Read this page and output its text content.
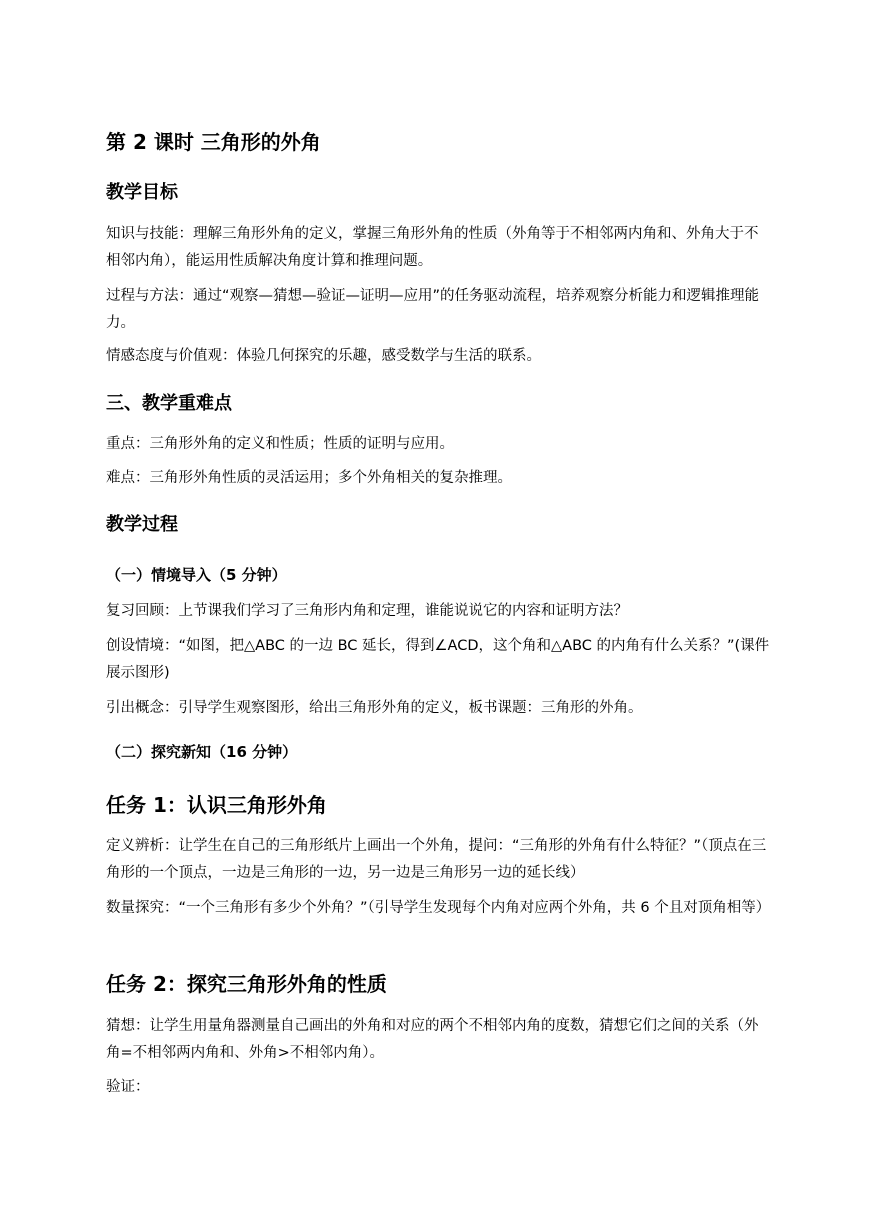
第 2 课时 三角形的外角
教学目标
知识与技能：理解三角形外角的定义，掌握三角形外角的性质（外角等于不相邻两内角和、外角大于不相邻内角），能运用性质解决角度计算和推理问题。
过程与方法：通过“观察—猜想—验证—证明—应用”的任务驱动流程，培养观察分析能力和逻辑推理能力。
情感态度与价值观：体验几何探究的乐趣，感受数学与生活的联系。
三、教学重难点
重点：三角形外角的定义和性质；性质的证明与应用。
难点：三角形外角性质的灵活运用；多个外角相关的复杂推理。
教学过程
（一）情境导入（5 分钟）
复习回顾：上节课我们学习了三角形内角和定理，谁能说说它的内容和证明方法？
创设情境：“如图，把△ABC 的一边 BC 延长，得到∠ACD，这个角和△ABC 的内角有什么关系？”(课件展示图形)
引出概念：引导学生观察图形，给出三角形外角的定义，板书课题：三角形的外角。
（二）探究新知（16 分钟）
任务 1：认识三角形外角
定义辨析：让学生在自己的三角形纸片上画出一个外角，提问：“三角形的外角有什么特征？”（顶点在三角形的一个顶点，一边是三角形的一边，另一边是三角形另一边的延长线）
数量探究：“一个三角形有多少个外角？”（引导学生发现每个内角对应两个外角，共 6 个且对顶角相等）
任务 2：探究三角形外角的性质
猜想：让学生用量角器测量自己画出的外角和对应的两个不相邻内角的度数，猜想它们之间的关系（外角=不相邻两内角和、外角>不相邻内角）。
验证：
